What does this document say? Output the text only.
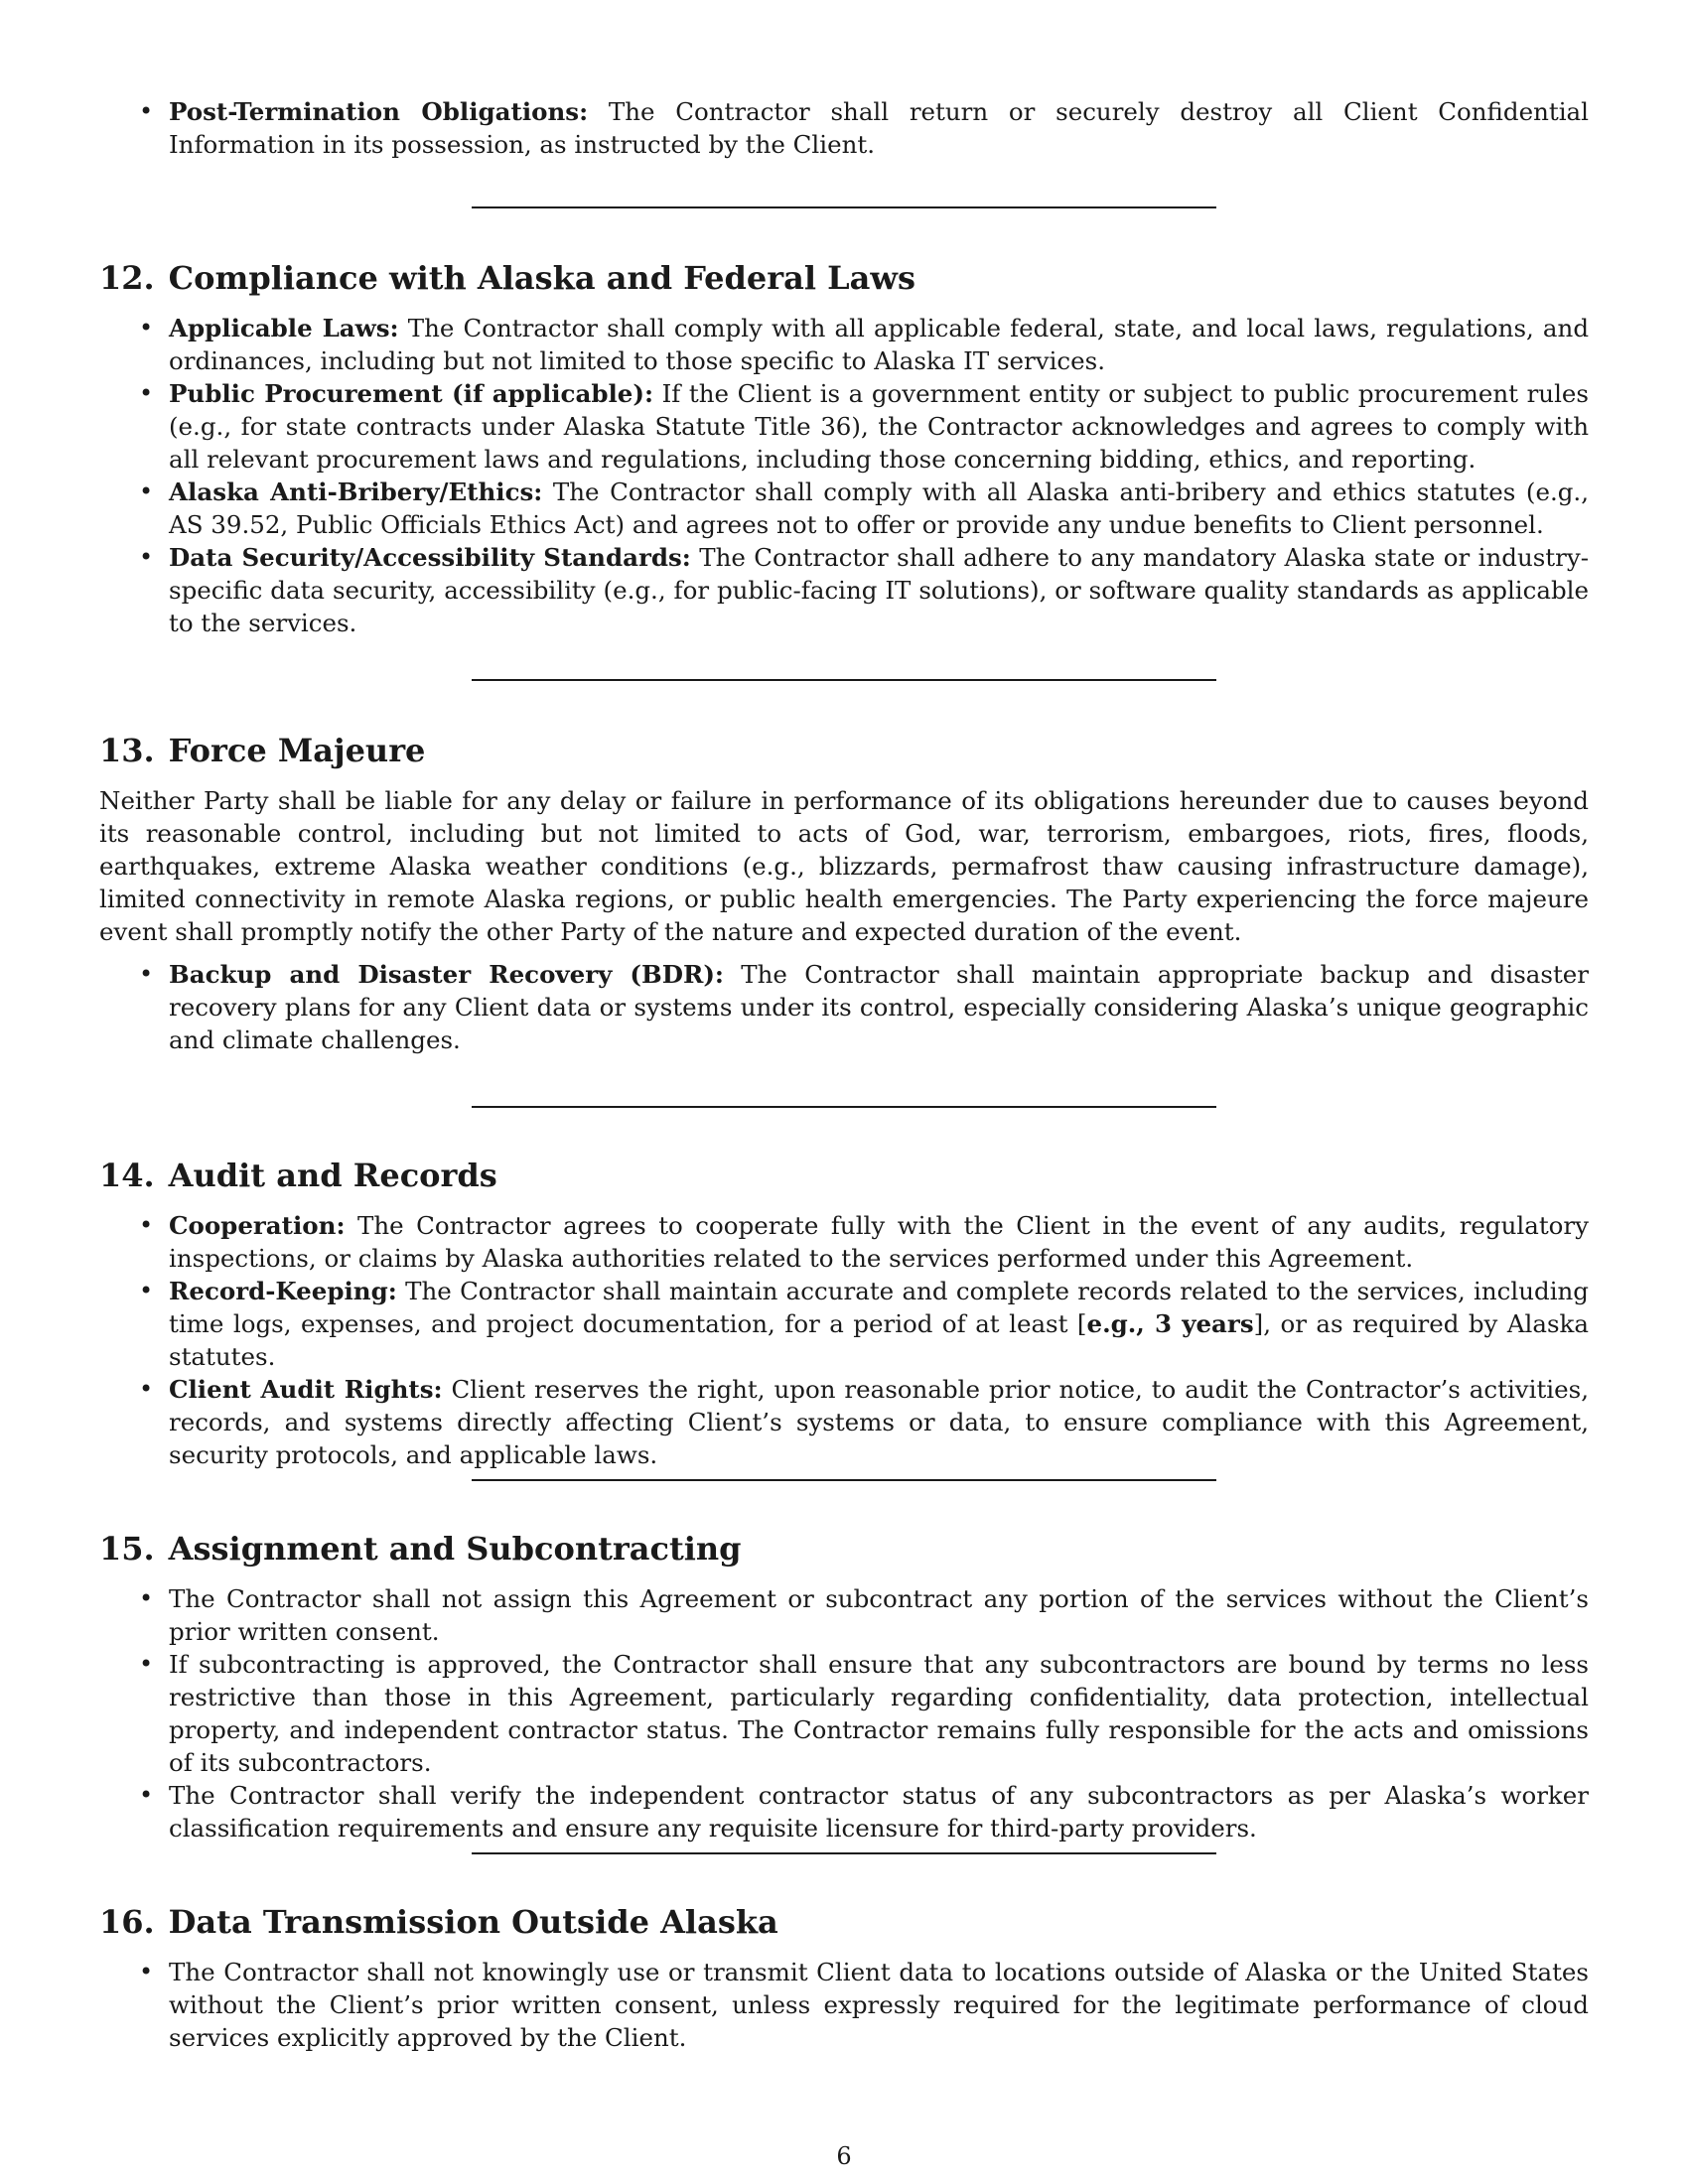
• Post-Termination Obligations: The Contractor shall return or securely destroy all Client Confidential Information in its possession, as instructed by the Client.
12. Compliance with Alaska and Federal Laws
• Applicable Laws: The Contractor shall comply with all applicable federal, state, and local laws, regulations, and ordinances, including but not limited to those specific to Alaska IT services.
• Public Procurement (if applicable): If the Client is a government entity or subject to public procurement rules (e.g., for state contracts under Alaska Statute Title 36), the Contractor acknowledges and agrees to comply with all relevant procurement laws and regulations, including those concerning bidding, ethics, and reporting.
• Alaska Anti-Bribery/Ethics: The Contractor shall comply with all Alaska anti-bribery and ethics statutes (e.g., AS 39.52, Public Officials Ethics Act) and agrees not to offer or provide any undue benefits to Client personnel.
• Data Security/Accessibility Standards: The Contractor shall adhere to any mandatory Alaska state or industry-specific data security, accessibility (e.g., for public-facing IT solutions), or software quality standards as applicable to the services.
13. Force Majeure

Neither Party shall be liable for any delay or failure in performance of its obligations hereunder due to causes beyond its reasonable control, including but not limited to acts of God, war, terrorism, embargoes, riots, fires, floods, earthquakes, extreme Alaska weather conditions (e.g., blizzards, permafrost thaw causing infrastructure damage), limited connectivity in remote Alaska regions, or public health emergencies. The Party experiencing the force majeure event shall promptly notify the other Party of the nature and expected duration of the event.

• Backup and Disaster Recovery (BDR): The Contractor shall maintain appropriate backup and disaster recovery plans for any Client data or systems under its control, especially considering Alaska’s unique geographic and climate challenges.
14. Audit and Records
• Cooperation: The Contractor agrees to cooperate fully with the Client in the event of any audits, regulatory inspections, or claims by Alaska authorities related to the services performed under this Agreement.
• Record-Keeping: The Contractor shall maintain accurate and complete records related to the services, including time logs, expenses, and project documentation, for a period of at least [e.g., 3 years], or as required by Alaska statutes.
• Client Audit Rights: Client reserves the right, upon reasonable prior notice, to audit the Contractor’s activities, records, and systems directly affecting Client’s systems or data, to ensure compliance with this Agreement, security protocols, and applicable laws.
15. Assignment and Subcontracting
• The Contractor shall not assign this Agreement or subcontract any portion of the services without the Client’s prior written consent.
• If subcontracting is approved, the Contractor shall ensure that any subcontractors are bound by terms no less restrictive than those in this Agreement, particularly regarding confidentiality, data protection, intellectual property, and independent contractor status. The Contractor remains fully responsible for the acts and omissions of its subcontractors.
• The Contractor shall verify the independent contractor status of any subcontractors as per Alaska’s worker classification requirements and ensure any requisite licensure for third-party providers.
16. Data Transmission Outside Alaska
• The Contractor shall not knowingly use or transmit Client data to locations outside of Alaska or the United States without the Client’s prior written consent, unless expressly required for the legitimate performance of cloud services explicitly approved by the Client.
6
